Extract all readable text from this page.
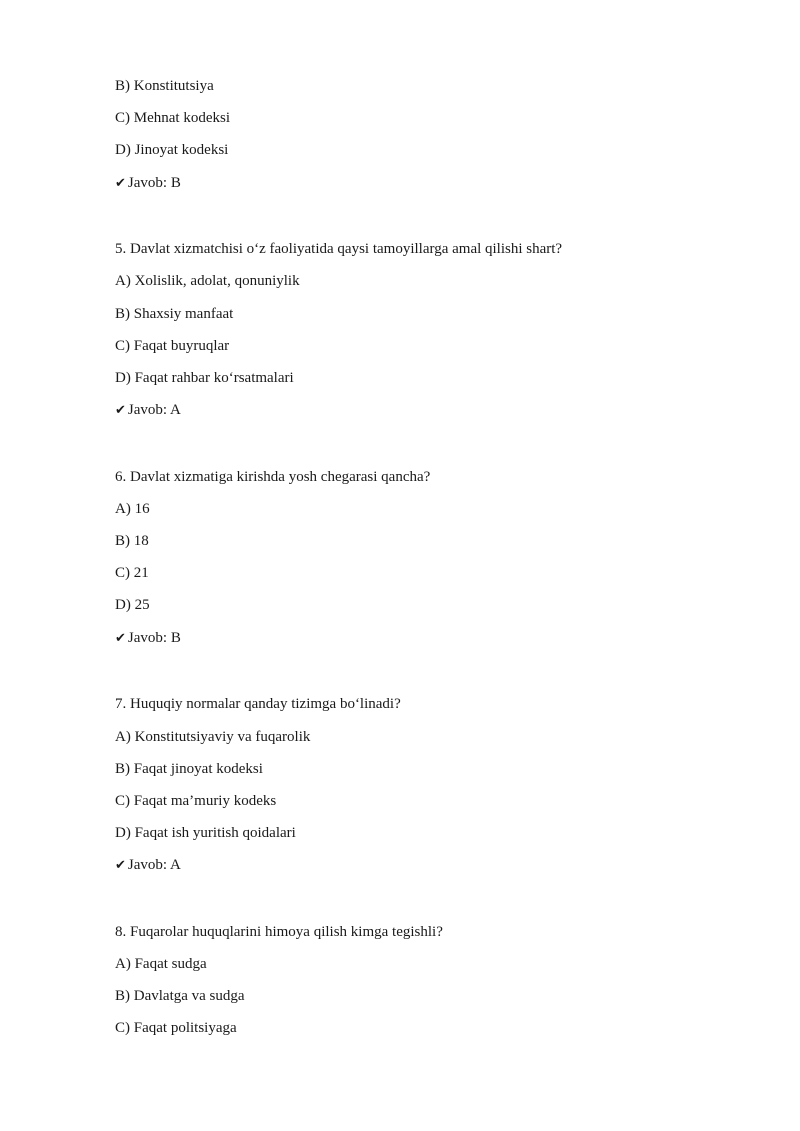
B) Konstitutsiya
C) Mehnat kodeksi
D) Jinoyat kodeksi
✔ Javob: B
5. Davlat xizmatchisi o‘z faoliyatida qaysi tamoyillarga amal qilishi shart?
A) Xolislik, adolat, qonuniylik
B) Shaxsiy manfaat
C) Faqat buyruqlar
D) Faqat rahbar ko‘rsatmalari
✔ Javob: A
6. Davlat xizmatiga kirishda yosh chegarasi qancha?
A) 16
B) 18
C) 21
D) 25
✔ Javob: B
7. Huquqiy normalar qanday tizimga bo‘linadi?
A) Konstitutsiyaviy va fuqarolik
B) Faqat jinoyat kodeksi
C) Faqat ma’muriy kodeks
D) Faqat ish yuritish qoidalari
✔ Javob: A
8. Fuqarolar huquqlarini himoya qilish kimga tegishli?
A) Faqat sudga
B) Davlatga va sudga
C) Faqat politsiyaga
